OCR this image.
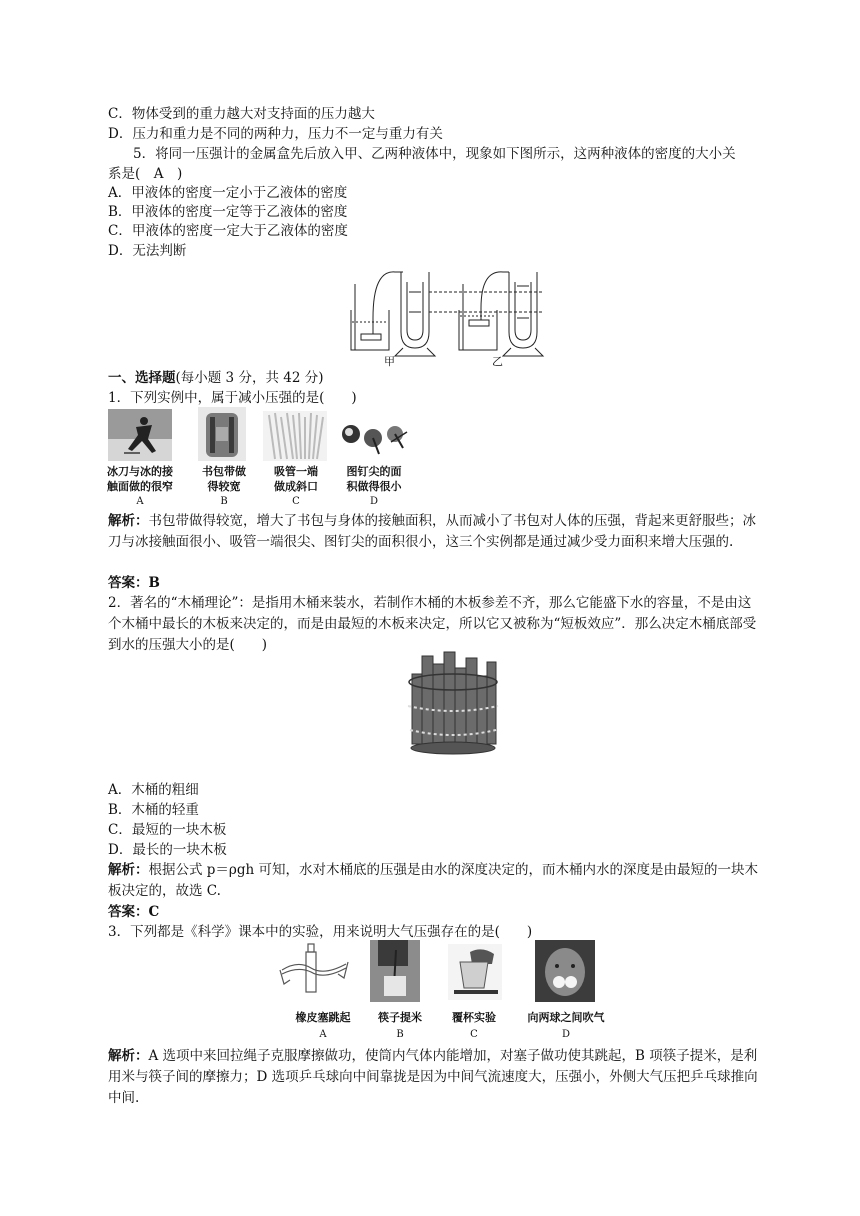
C．物体受到的重力越大对支持面的压力越大
D．压力和重力是不同的两种力，压力不一定与重力有关
5．将同一压强计的金属盒先后放入甲、乙两种液体中，现象如下图所示，这两种液体的密度的大小关
系是(　A　)
A．甲液体的密度一定小于乙液体的密度
B．甲液体的密度一定等于乙液体的密度
C．甲液体的密度一定大于乙液体的密度
D．无法判断
甲	乙
一、选择题(每小题 3 分，共 42 分)
1．下列实例中，属于减小压强的是(　　)
冰刀与冰的接
触面做的很窄
书包带做
得较宽
吸管一端
做成斜口
图钉尖的面
积做得很小
A	B	C	D
解析：书包带做得较宽，增大了书包与身体的接触面积，从而减小了书包对人体的压强，背起来更舒服些；冰刀与冰接触面很小、吸管一端很尖、图钉尖的面积很小，这三个实例都是通过减少受力面积来增大压强的.
答案：B
2．著名的“木桶理论”：是指用木桶来装水，若制作木桶的木板参差不齐，那么它能盛下水的容量，不是由这个木桶中最长的木板来决定的，而是由最短的木板来决定，所以它又被称为“短板效应”．那么决定木桶底部受到水的压强大小的是(　　)
A．木桶的粗细
B．木桶的轻重
C．最短的一块木板
D．最长的一块木板
解析：根据公式 p＝ρgh 可知，水对木桶底的压强是由水的深度决定的，而木桶内水的深度是由最短的一块木板决定的，故选 C.
答案：C
3．下列都是《科学》课本中的实验，用来说明大气压强存在的是(　　)
橡皮塞跳起	筷子提米	覆杯实验	向两球之间吹气
A	B	C	D
解析：A 选项中来回拉绳子克服摩擦做功，使筒内气体内能增加，对塞子做功使其跳起，B 项筷子提米，是利用米与筷子间的摩擦力；D 选项乒乓球向中间靠拢是因为中间气流速度大，压强小，外侧大气压把乒乓球推向中间.
